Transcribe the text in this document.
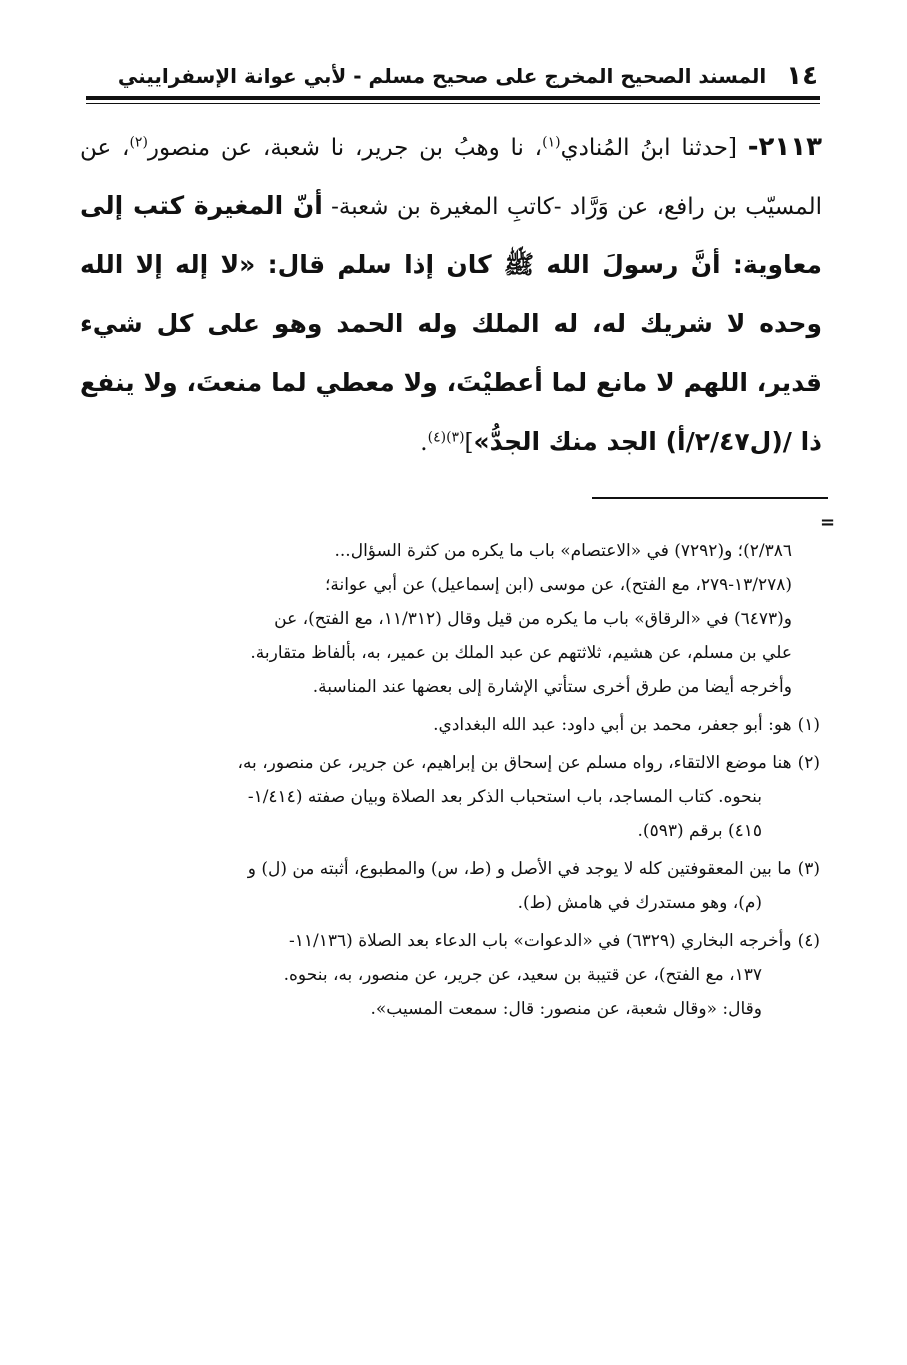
١٤
المسند الصحيح المخرج على صحيح مسلم - لأبي عوانة الإسفراييني
٢١١٣- [حدثنا ابنُ المُنادي$^{(١)}$، نا وهبُ بن جرير، نا شعبة، عن منصور$^{(٢)}$، عن المسيّب بن رافع، عن وَرَّاد -كاتبِ المغيرة بن شعبة- أنّ المغيرة كتب إلى معاوية: أنَّ رسولَ الله ﷺ كان إذا سلم قال: «لا إله إلا الله وحده لا شريك له، له الملك وله الحمد وهو على كل شيء قدير، اللهم لا مانع لما أعطيْتَ، ولا معطي لما منعتَ، ولا ينفع ذا /(ل٢/٤٧/أ) الجد منك الجدُّ»]$^{(٣)(٤)}$.
=
٢/٣٨٦)؛ و(٧٢٩٢) في «الاعتصام» باب ما يكره من كثرة السؤال...
(١٣/٢٧٨-٢٧٩، مع الفتح)، عن موسى (ابن إسماعيل) عن أبي عوانة؛
و(٦٤٧٣) في «الرقاق» باب ما يكره من قيل وقال (١١/٣١٢، مع الفتح)، عن
علي بن مسلم، عن هشيم، ثلاثتهم عن عبد الملك بن عمير، به، بألفاظ متقاربة.
وأخرجه أيضا من طرق أخرى ستأتي الإشارة إلى بعضها عند المناسبة.
(١)هو: أبو جعفر، محمد بن أبي داود: عبد الله البغدادي.
(٢)هنا موضع الالتقاء، رواه مسلم عن إسحاق بن إبراهيم، عن جرير، عن منصور، به،
بنحوه. كتاب المساجد، باب استحباب الذكر بعد الصلاة وبيان صفته (١/٤١٤-
٤١٥) برقم (٥٩٣).
(٣)ما بين المعقوفتين كله لا يوجد في الأصل و (ط، س) والمطبوع، أثبته من (ل) و
(م)، وهو مستدرك في هامش (ط).
(٤)وأخرجه البخاري (٦٣٢٩) في «الدعوات» باب الدعاء بعد الصلاة (١١/١٣٦-
١٣٧، مع الفتح)، عن قتيبة بن سعيد، عن جرير، عن منصور، به، بنحوه.
وقال: «وقال شعبة، عن منصور: قال: سمعت المسيب».
